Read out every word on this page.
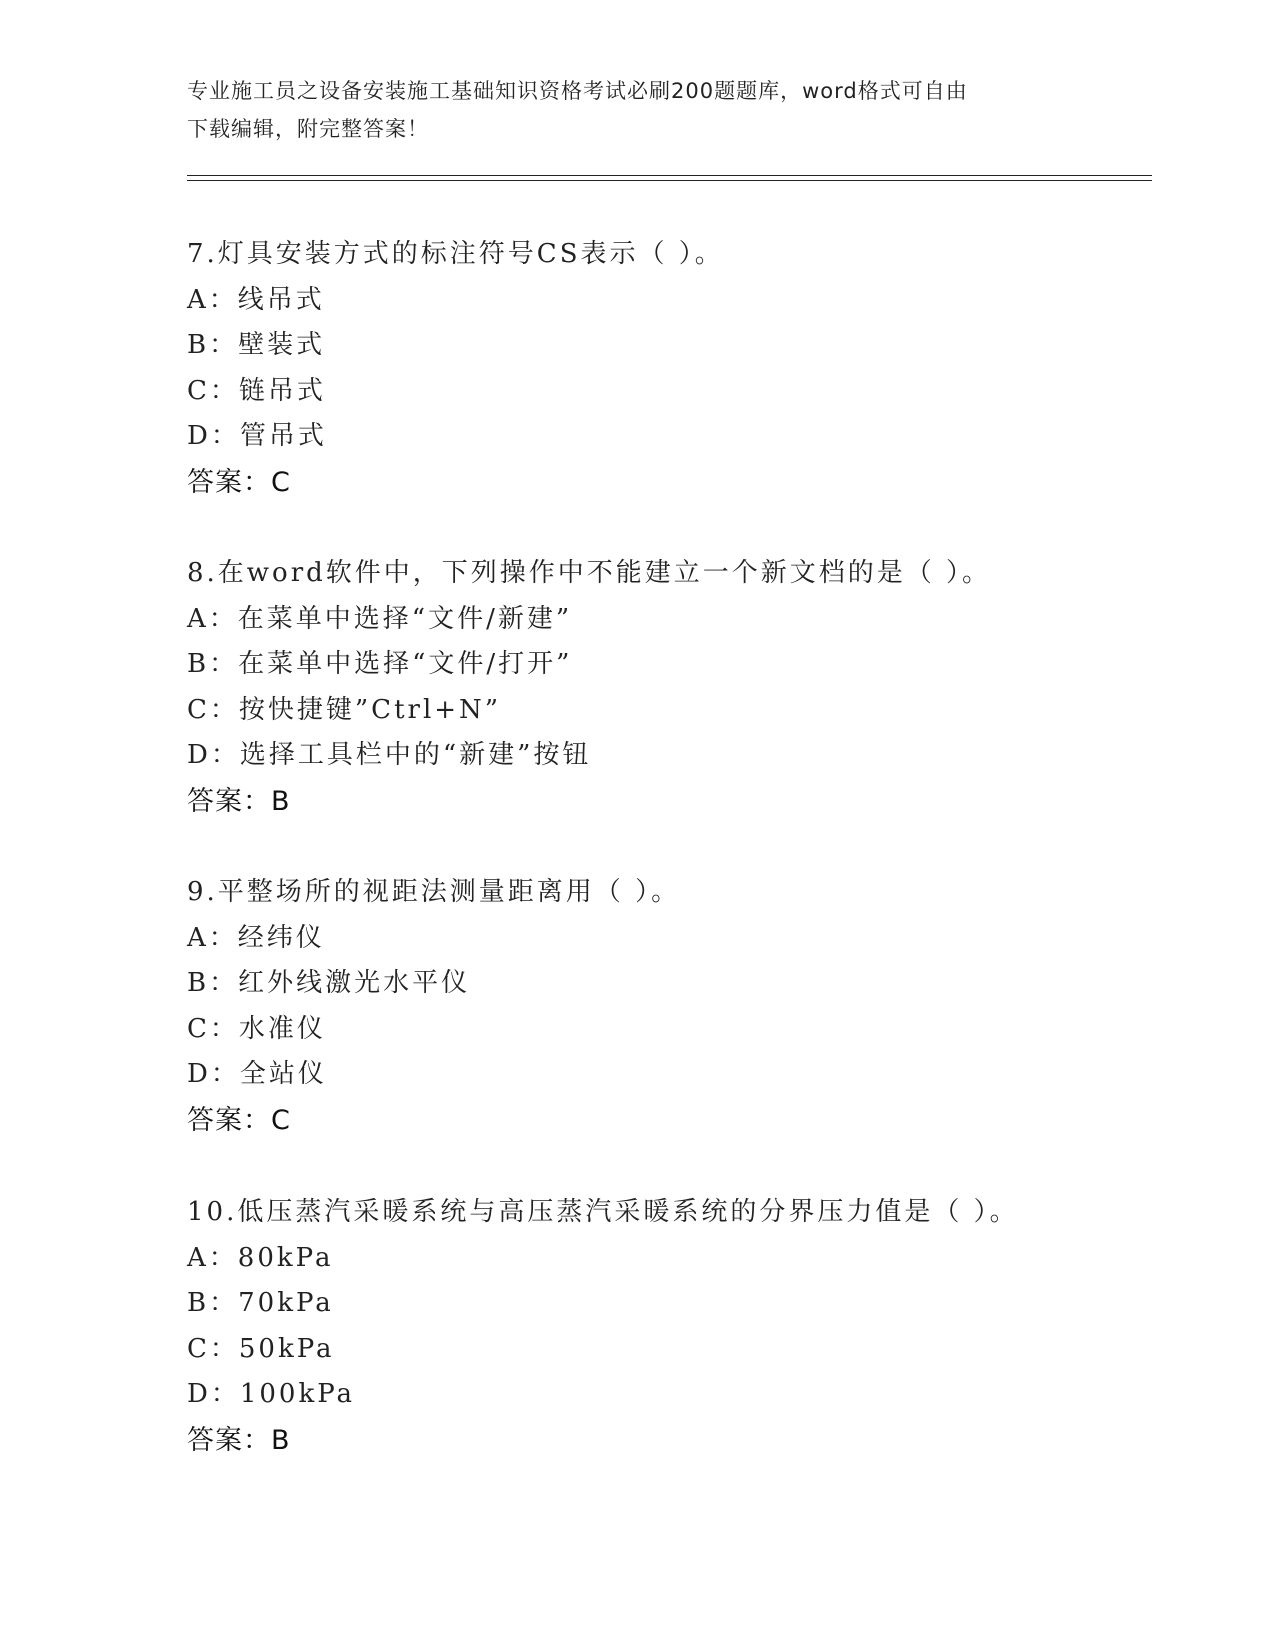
专业施工员之设备安装施工基础知识资格考试必刷200题题库，word格式可自由
下载编辑，附完整答案！
7.灯具安装方式的标注符号CS表示（ ）。
A：线吊式
B：壁装式
C：链吊式
D：管吊式
答案：C
8.在word软件中，下列操作中不能建立一个新文档的是（ ）。
A：在菜单中选择“文件/新建”
B：在菜单中选择“文件/打开”
C：按快捷键”Ctrl+N”
D：选择工具栏中的“新建”按钮
答案：B
9.平整场所的视距法测量距离用（ ）。
A：经纬仪
B：红外线激光水平仪
C：水准仪
D：全站仪
答案：C
10.低压蒸汽采暖系统与高压蒸汽采暖系统的分界压力值是（ ）。
A：80kPa
B：70kPa
C：50kPa
D：100kPa
答案：B
